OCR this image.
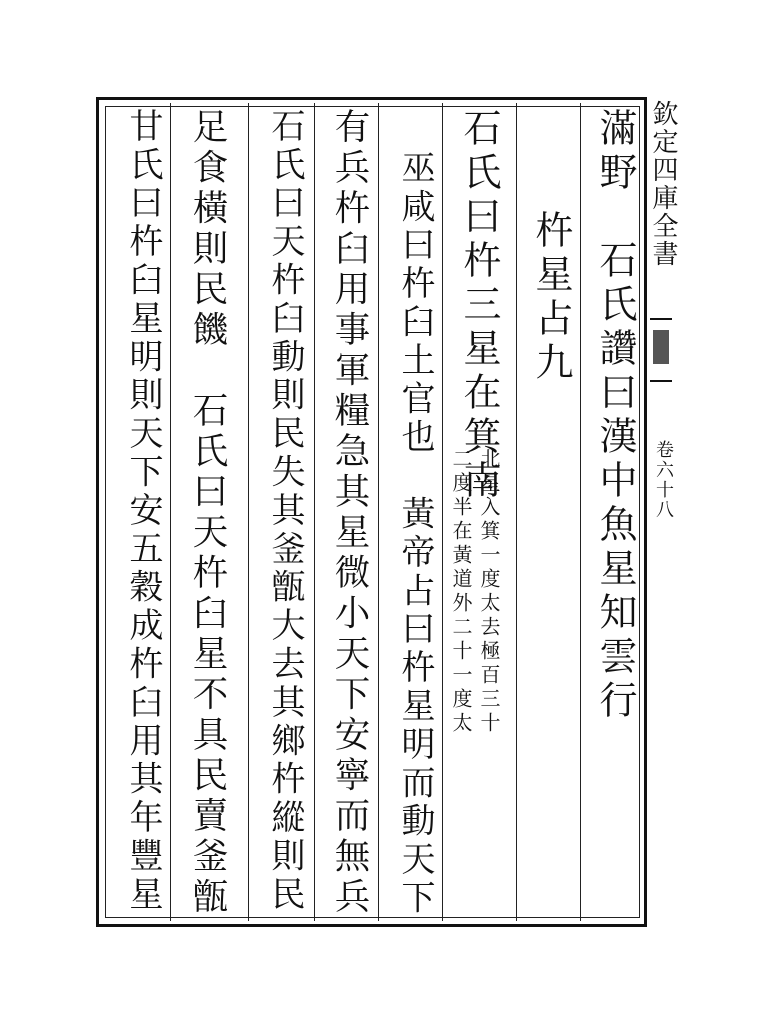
欽定四庫全書
卷六十八
滿野　石氏讚曰漢中魚星知雲行
杵星占九
石氏曰杵三星在箕南
北星入箕一度太去極百三十
二度半在黃道外二十一度太
巫咸曰杵臼土官也　黃帝占曰杵星明而動天下
有兵杵臼用事軍糧急其星微小天下安寧而無兵
石氏曰天杵臼動則民失其釜甑大去其鄉杵縱則民
足食橫則民饑　石氏曰天杵臼星不具民賣釜甑
甘氏曰杵臼星明則天下安五穀成杵臼用其年豐星
